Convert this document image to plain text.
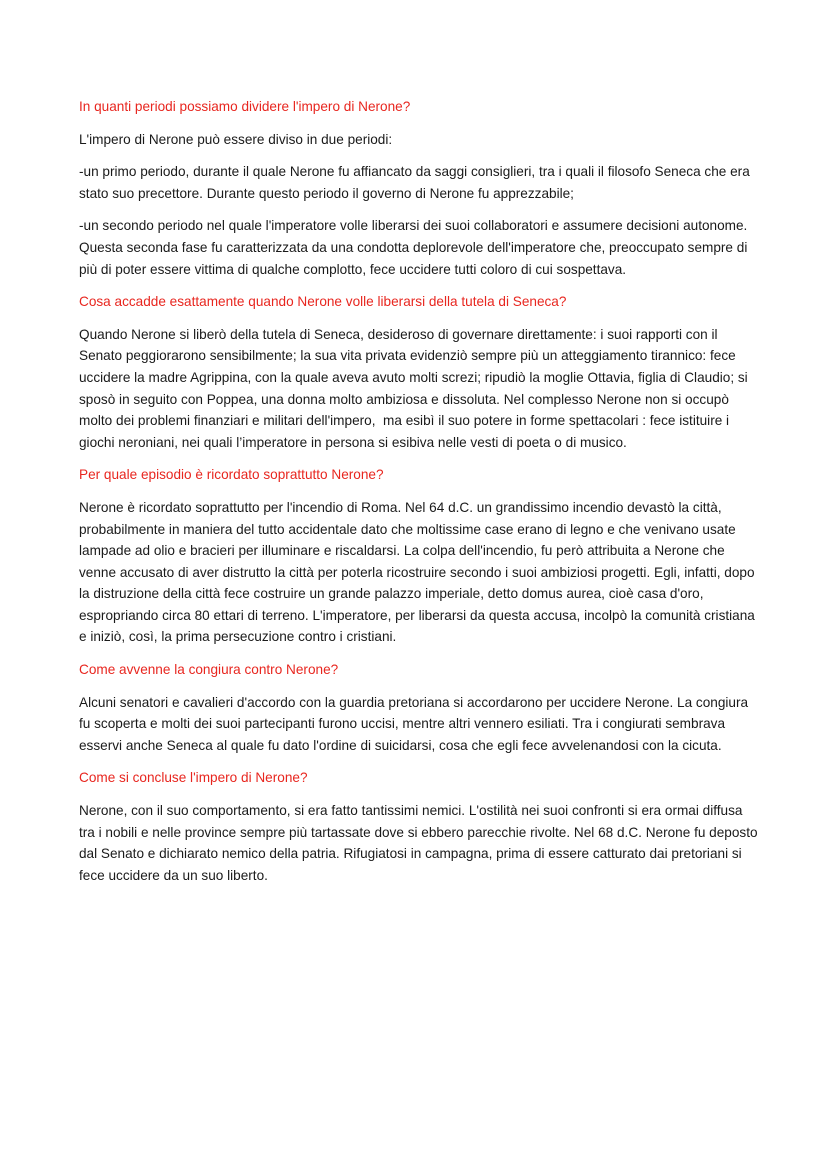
In quanti periodi possiamo dividere l'impero di Nerone?
L'impero di Nerone può essere diviso in due periodi:
-un primo periodo, durante il quale Nerone fu affiancato da saggi consiglieri, tra i quali il filosofo Seneca che era stato suo precettore. Durante questo periodo il governo di Nerone fu apprezzabile;
-un secondo periodo nel quale l'imperatore volle liberarsi dei suoi collaboratori e assumere decisioni autonome. Questa seconda fase fu caratterizzata da una condotta deplorevole dell'imperatore che, preoccupato sempre di più di poter essere vittima di qualche complotto, fece uccidere tutti coloro di cui sospettava.
Cosa accadde esattamente quando Nerone volle liberarsi della tutela di Seneca?
Quando Nerone si liberò della tutela di Seneca, desideroso di governare direttamente: i suoi rapporti con il Senato peggiorarono sensibilmente; la sua vita privata evidenziò sempre più un atteggiamento tirannico: fece uccidere la madre Agrippina, con la quale aveva avuto molti screzi; ripudiò la moglie Ottavia, figlia di Claudio; si sposò in seguito con Poppea, una donna molto ambiziosa e dissoluta. Nel complesso Nerone non si occupò molto dei problemi finanziari e militari dell'impero,  ma esibì il suo potere in forme spettacolari : fece istituire i giochi neroniani, nei quali l’imperatore in persona si esibiva nelle vesti di poeta o di musico.
Per quale episodio è ricordato soprattutto Nerone?
Nerone è ricordato soprattutto per l'incendio di Roma. Nel 64 d.C. un grandissimo incendio devastò la città, probabilmente in maniera del tutto accidentale dato che moltissime case erano di legno e che venivano usate lampade ad olio e bracieri per illuminare e riscaldarsi. La colpa dell'incendio, fu però attribuita a Nerone che venne accusato di aver distrutto la città per poterla ricostruire secondo i suoi ambiziosi progetti. Egli, infatti, dopo la distruzione della città fece costruire un grande palazzo imperiale, detto domus aurea, cioè casa d'oro, espropriando circa 80 ettari di terreno. L'imperatore, per liberarsi da questa accusa, incolpò la comunità cristiana e iniziò, così, la prima persecuzione contro i cristiani.
Come avvenne la congiura contro Nerone?
Alcuni senatori e cavalieri d'accordo con la guardia pretoriana si accordarono per uccidere Nerone. La congiura fu scoperta e molti dei suoi partecipanti furono uccisi, mentre altri vennero esiliati. Tra i congiurati sembrava esservi anche Seneca al quale fu dato l'ordine di suicidarsi, cosa che egli fece avvelenandosi con la cicuta.
Come si concluse l'impero di Nerone?
Nerone, con il suo comportamento, si era fatto tantissimi nemici. L'ostilità nei suoi confronti si era ormai diffusa tra i nobili e nelle province sempre più tartassate dove si ebbero parecchie rivolte. Nel 68 d.C. Nerone fu deposto dal Senato e dichiarato nemico della patria. Rifugiatosi in campagna, prima di essere catturato dai pretoriani si fece uccidere da un suo liberto.
